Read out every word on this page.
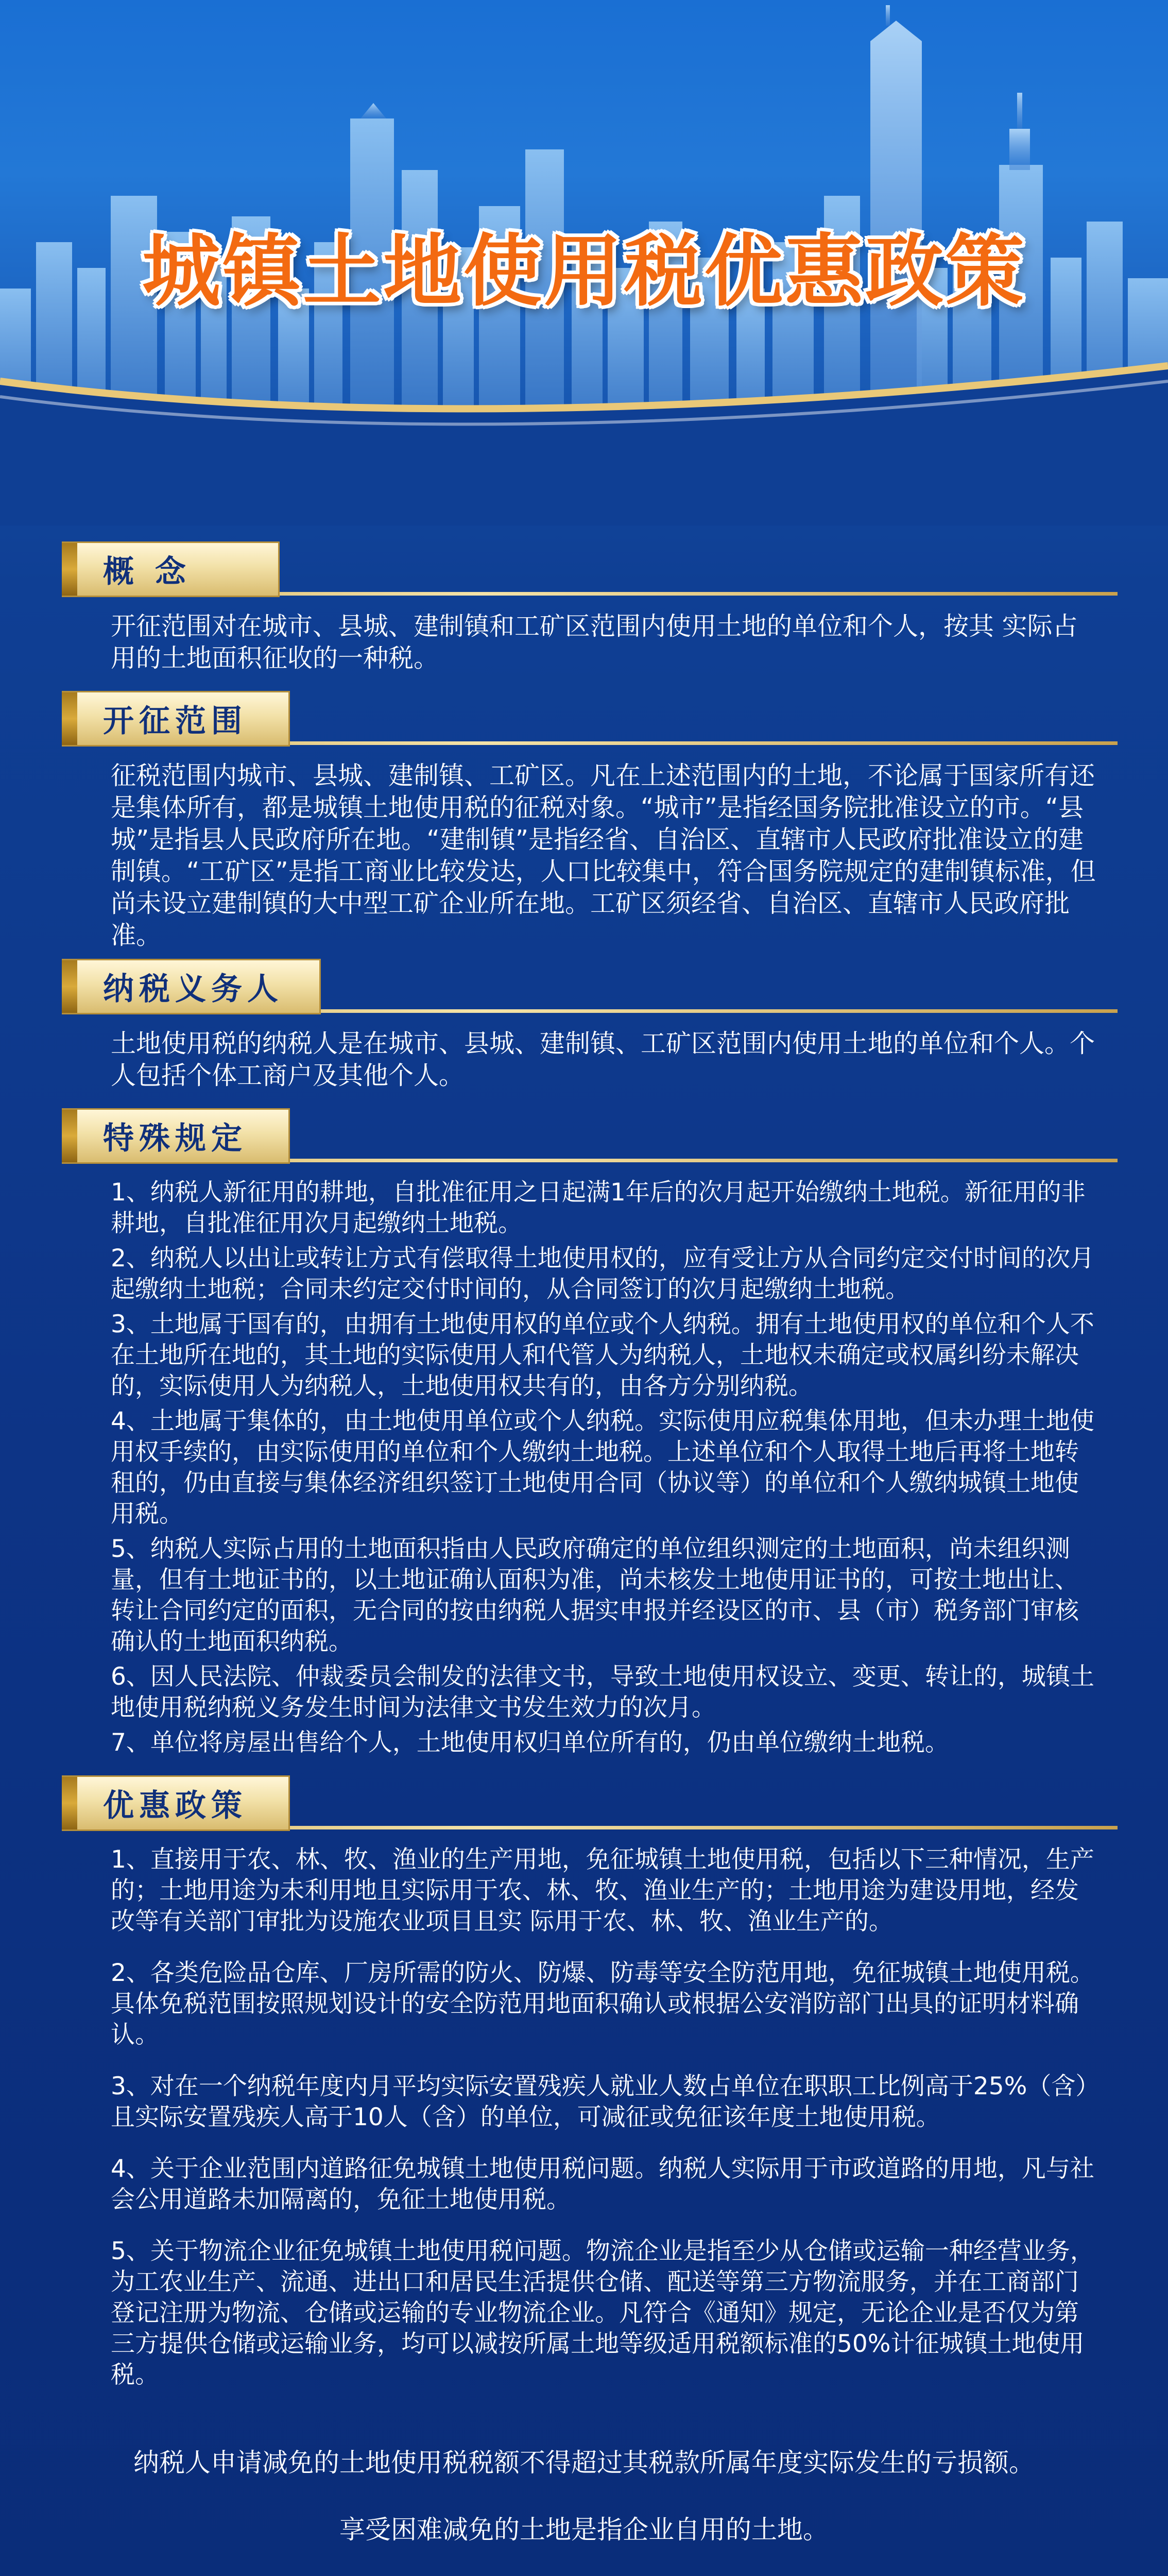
城镇土地使用税优惠政策
概 念

开征范围对在城市、县城、建制镇和工矿区范围内使用土地的单位和个人，按其 实际占用的土地面积征收的一种税。

开征范围

征税范围内城市、县城、建制镇、工矿区。凡在上述范围内的土地，不论属于国家所有还是集体所有，都是城镇土地使用税的征税对象。“城市”是指经国务院批准设立的市。“县城”是指县人民政府所在地。“建制镇”是指经省、自治区、直辖市人民政府批准设立的建制镇。“工矿区”是指工商业比较发达，人口比较集中，符合国务院规定的建制镇标准，但尚未设立建制镇的大中型工矿企业所在地。工矿区须经省、自治区、直辖市人民政府批准。

纳税义务人

土地使用税的纳税人是在城市、县城、建制镇、工矿区范围内使用土地的单位和个人。个人包括个体工商户及其他个人。

特殊规定

1、纳税人新征用的耕地，自批准征用之日起满1年后的次月起开始缴纳土地税。新征用的非耕地，自批准征用次月起缴纳土地税。

2、纳税人以出让或转让方式有偿取得土地使用权的，应有受让方从合同约定交付时间的次月起缴纳土地税；合同未约定交付时间的，从合同签订的次月起缴纳土地税。

3、土地属于国有的，由拥有土地使用权的单位或个人纳税。拥有土地使用权的单位和个人不在土地所在地的，其土地的实际使用人和代管人为纳税人，土地权未确定或权属纠纷未解决的，实际使用人为纳税人，土地使用权共有的，由各方分别纳税。

4、土地属于集体的，由土地使用单位或个人纳税。实际使用应税集体用地，但未办理土地使用权手续的，由实际使用的单位和个人缴纳土地税。上述单位和个人取得土地后再将土地转租的，仍由直接与集体经济组织签订土地使用合同（协议等）的单位和个人缴纳城镇土地使用税。

5、纳税人实际占用的土地面积指由人民政府确定的单位组织测定的土地面积，尚未组织测量，但有土地证书的，以土地证确认面积为准，尚未核发土地使用证书的，可按土地出让、转让合同约定的面积，无合同的按由纳税人据实申报并经设区的市、县（市）税务部门审核确认的土地面积纳税。

6、因人民法院、仲裁委员会制发的法律文书，导致土地使用权设立、变更、转让的，城镇土地使用税纳税义务发生时间为法律文书发生效力的次月。

7、单位将房屋出售给个人，土地使用权归单位所有的，仍由单位缴纳土地税。

优惠政策

1、直接用于农、林、牧、渔业的生产用地，免征城镇土地使用税，包括以下三种情况，生产的；土地用途为未利用地且实际用于农、林、牧、渔业生产的；土地用途为建设用地，经发改等有关部门审批为设施农业项目且实 际用于农、林、牧、渔业生产的。

2、各类危险品仓库、厂房所需的防火、防爆、防毒等安全防范用地，免征城镇土地使用税。具体免税范围按照规划设计的安全防范用地面积确认或根据公安消防部门出具的证明材料确认。

3、对在一个纳税年度内月平均实际安置残疾人就业人数占单位在职职工比例高于25%（含）且实际安置残疾人高于10人（含）的单位，可减征或免征该年度土地使用税。

4、关于企业范围内道路征免城镇土地使用税问题。纳税人实际用于市政道路的用地，凡与社会公用道路未加隔离的，免征土地使用税。

5、关于物流企业征免城镇土地使用税问题。物流企业是指至少从仓储或运输一种经营业务，为工农业生产、流通、进出口和居民生活提供仓储、配送等第三方物流服务，并在工商部门登记注册为物流、仓储或运输的专业物流企业。凡符合《通知》规定，无论企业是否仅为第三方提供仓储或运输业务，均可以减按所属土地等级适用税额标准的50%计征城镇土地使用税。

纳税人申请减免的土地使用税税额不得超过其税款所属年度实际发生的亏损额。
享受困难减免的土地是指企业自用的土地。
